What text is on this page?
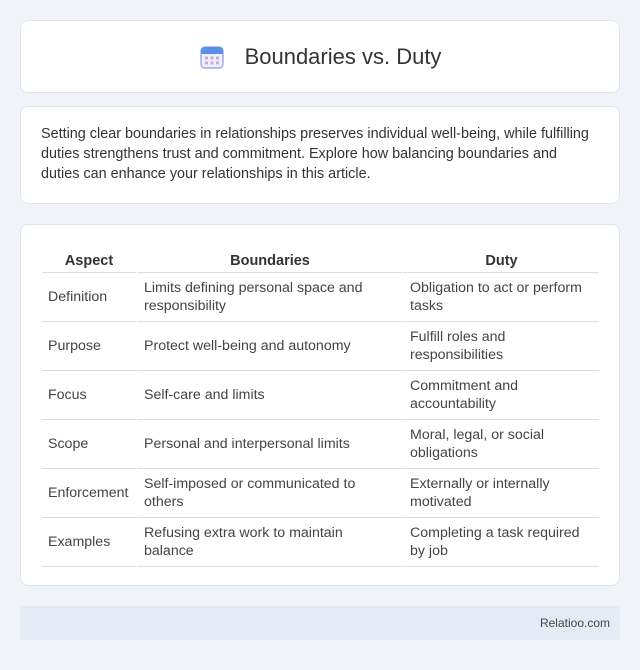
Boundaries vs. Duty

Setting clear boundaries in relationships preserves individual well-being, while fulfilling duties strengthens trust and commitment. Explore how balancing boundaries and duties can enhance your relationships in this article.

Aspect	Boundaries	Duty
Definition	Limits defining personal space and responsibility	Obligation to act or perform tasks
Purpose	Protect well-being and autonomy	Fulfill roles and responsibilities
Focus	Self-care and limits	Commitment and accountability
Scope	Personal and interpersonal limits	Moral, legal, or social obligations
Enforcement	Self-imposed or communicated to others	Externally or internally motivated
Examples	Refusing extra work to maintain balance	Completing a task required by job
Relatioo.com
